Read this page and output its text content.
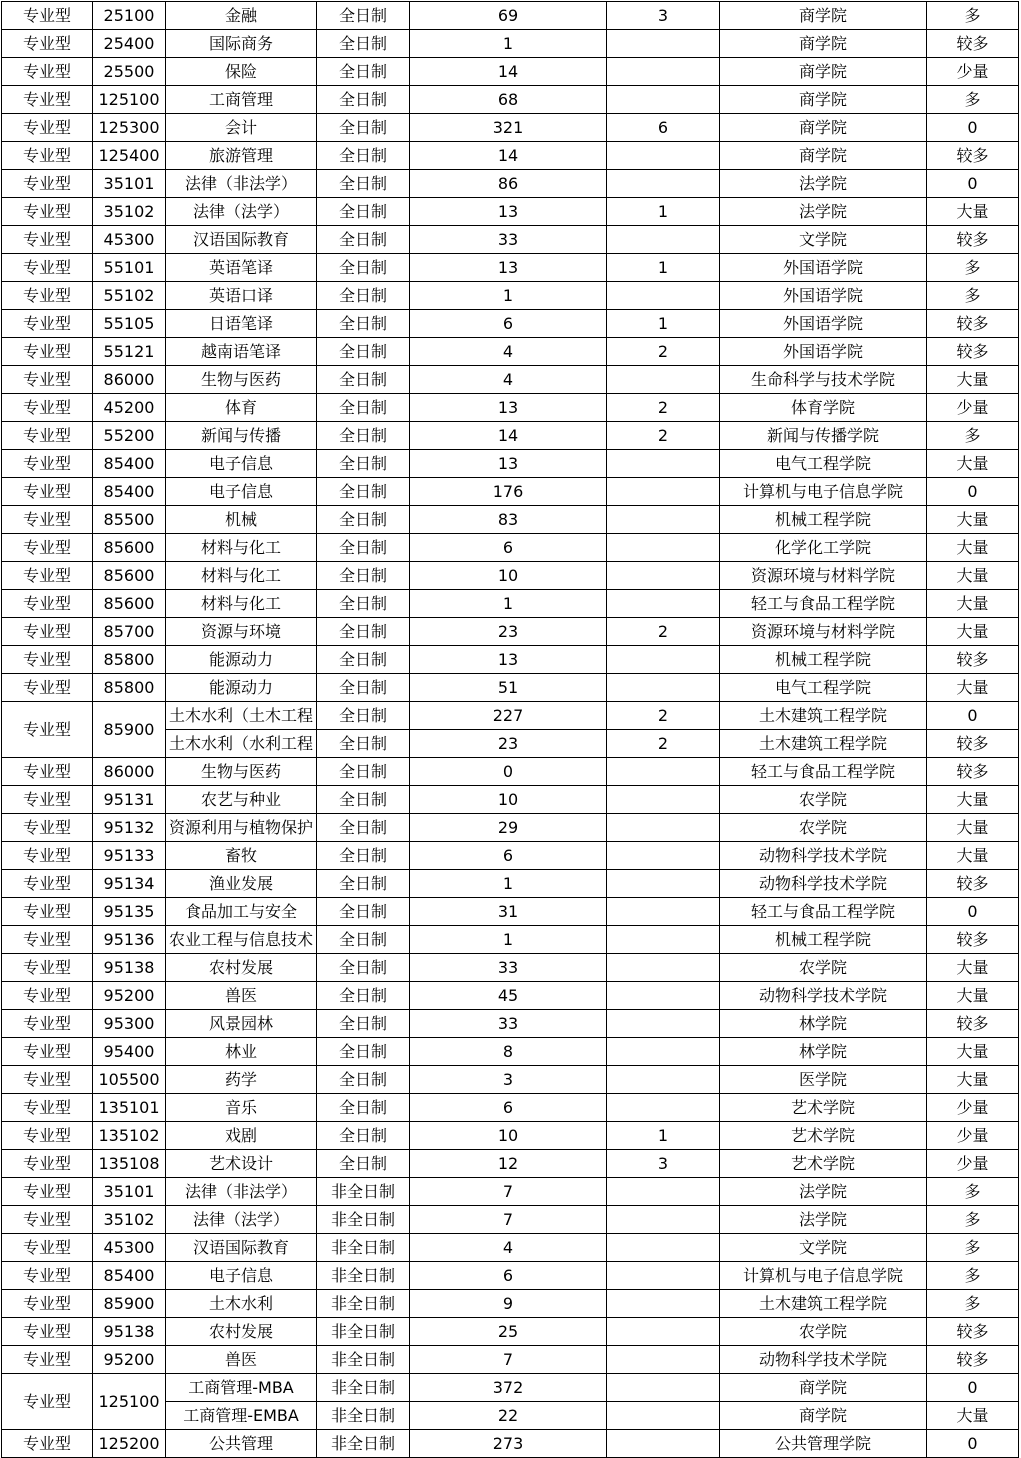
专业型	25100	金融	全日制	69	3	商学院	多
专业型	25400	国际商务	全日制	1		商学院	较多
专业型	25500	保险	全日制	14		商学院	少量
专业型	125100	工商管理	全日制	68		商学院	多
专业型	125300	会计	全日制	321	6	商学院	0
专业型	125400	旅游管理	全日制	14		商学院	较多
专业型	35101	法律（非法学）	全日制	86		法学院	0
专业型	35102	法律（法学）	全日制	13	1	法学院	大量
专业型	45300	汉语国际教育	全日制	33		文学院	较多
专业型	55101	英语笔译	全日制	13	1	外国语学院	多
专业型	55102	英语口译	全日制	1		外国语学院	多
专业型	55105	日语笔译	全日制	6	1	外国语学院	较多
专业型	55121	越南语笔译	全日制	4	2	外国语学院	较多
专业型	86000	生物与医药	全日制	4		生命科学与技术学院	大量
专业型	45200	体育	全日制	13	2	体育学院	少量
专业型	55200	新闻与传播	全日制	14	2	新闻与传播学院	多
专业型	85400	电子信息	全日制	13		电气工程学院	大量
专业型	85400	电子信息	全日制	176		计算机与电子信息学院	0
专业型	85500	机械	全日制	83		机械工程学院	大量
专业型	85600	材料与化工	全日制	6		化学化工学院	大量
专业型	85600	材料与化工	全日制	10		资源环境与材料学院	大量
专业型	85600	材料与化工	全日制	1		轻工与食品工程学院	大量
专业型	85700	资源与环境	全日制	23	2	资源环境与材料学院	大量
专业型	85800	能源动力	全日制	13		机械工程学院	较多
专业型	85800	能源动力	全日制	51		电气工程学院	大量
专业型	85900	土木水利（土木工程	全日制	227	2	土木建筑工程学院	0
		土木水利（水利工程	全日制	23	2	土木建筑工程学院	较多
专业型	86000	生物与医药	全日制	0		轻工与食品工程学院	较多
专业型	95131	农艺与种业	全日制	10		农学院	大量
专业型	95132	资源利用与植物保护	全日制	29		农学院	大量
专业型	95133	畜牧	全日制	6		动物科学技术学院	大量
专业型	95134	渔业发展	全日制	1		动物科学技术学院	较多
专业型	95135	食品加工与安全	全日制	31		轻工与食品工程学院	0
专业型	95136	农业工程与信息技术	全日制	1		机械工程学院	较多
专业型	95138	农村发展	全日制	33		农学院	大量
专业型	95200	兽医	全日制	45		动物科学技术学院	大量
专业型	95300	风景园林	全日制	33		林学院	较多
专业型	95400	林业	全日制	8		林学院	大量
专业型	105500	药学	全日制	3		医学院	大量
专业型	135101	音乐	全日制	6		艺术学院	少量
专业型	135102	戏剧	全日制	10	1	艺术学院	少量
专业型	135108	艺术设计	全日制	12	3	艺术学院	少量
专业型	35101	法律（非法学）	非全日制	7		法学院	多
专业型	35102	法律（法学）	非全日制	7		法学院	多
专业型	45300	汉语国际教育	非全日制	4		文学院	多
专业型	85400	电子信息	非全日制	6		计算机与电子信息学院	多
专业型	85900	土木水利	非全日制	9		土木建筑工程学院	多
专业型	95138	农村发展	非全日制	25		农学院	较多
专业型	95200	兽医	非全日制	7		动物科学技术学院	较多
专业型	125100	工商管理-MBA	非全日制	372		商学院	0
		工商管理-EMBA	非全日制	22		商学院	大量
专业型	125200	公共管理	非全日制	273		公共管理学院	0
